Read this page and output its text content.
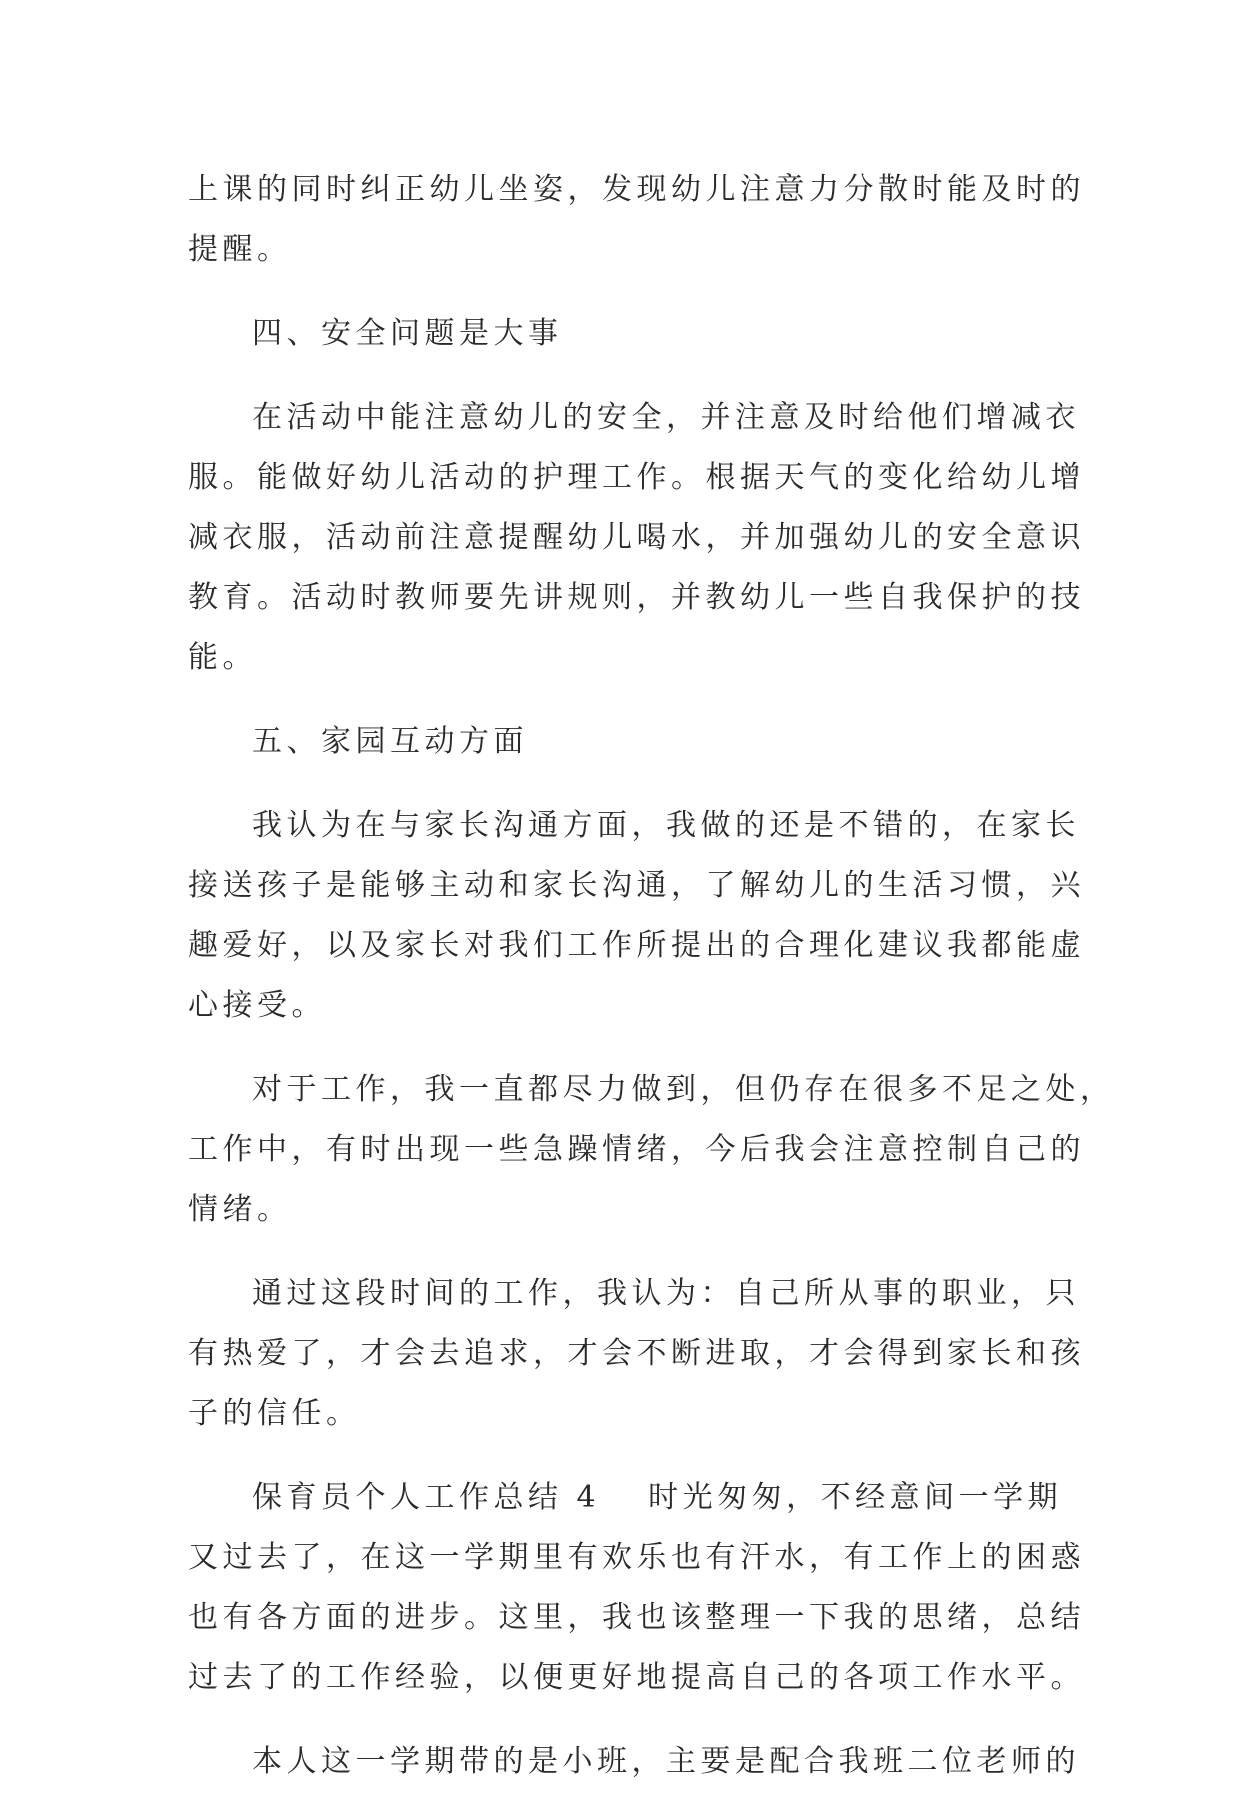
上课的同时纠正幼儿坐姿，发现幼儿注意力分散时能及时的
提醒。
四、安全问题是大事
在活动中能注意幼儿的安全，并注意及时给他们增减衣
服。能做好幼儿活动的护理工作。根据天气的变化给幼儿增
减衣服，活动前注意提醒幼儿喝水，并加强幼儿的安全意识
教育。活动时教师要先讲规则，并教幼儿一些自我保护的技
能。
五、家园互动方面
我认为在与家长沟通方面，我做的还是不错的，在家长
接送孩子是能够主动和家长沟通，了解幼儿的生活习惯，兴
趣爱好，以及家长对我们工作所提出的合理化建议我都能虚
心接受。
对于工作，我一直都尽力做到，但仍存在很多不足之处，
工作中，有时出现一些急躁情绪，今后我会注意控制自己的
情绪。
通过这段时间的工作，我认为：自己所从事的职业，只
有热爱了，才会去追求，才会不断进取，才会得到家长和孩
子的信任。
保育员个人工作总结 4 时光匆匆，不经意间一学期
又过去了，在这一学期里有欢乐也有汗水，有工作上的困惑
也有各方面的进步。这里，我也该整理一下我的思绪，总结
过去了的工作经验，以便更好地提高自己的各项工作水平。
本人这一学期带的是小班，主要是配合我班二位老师的
